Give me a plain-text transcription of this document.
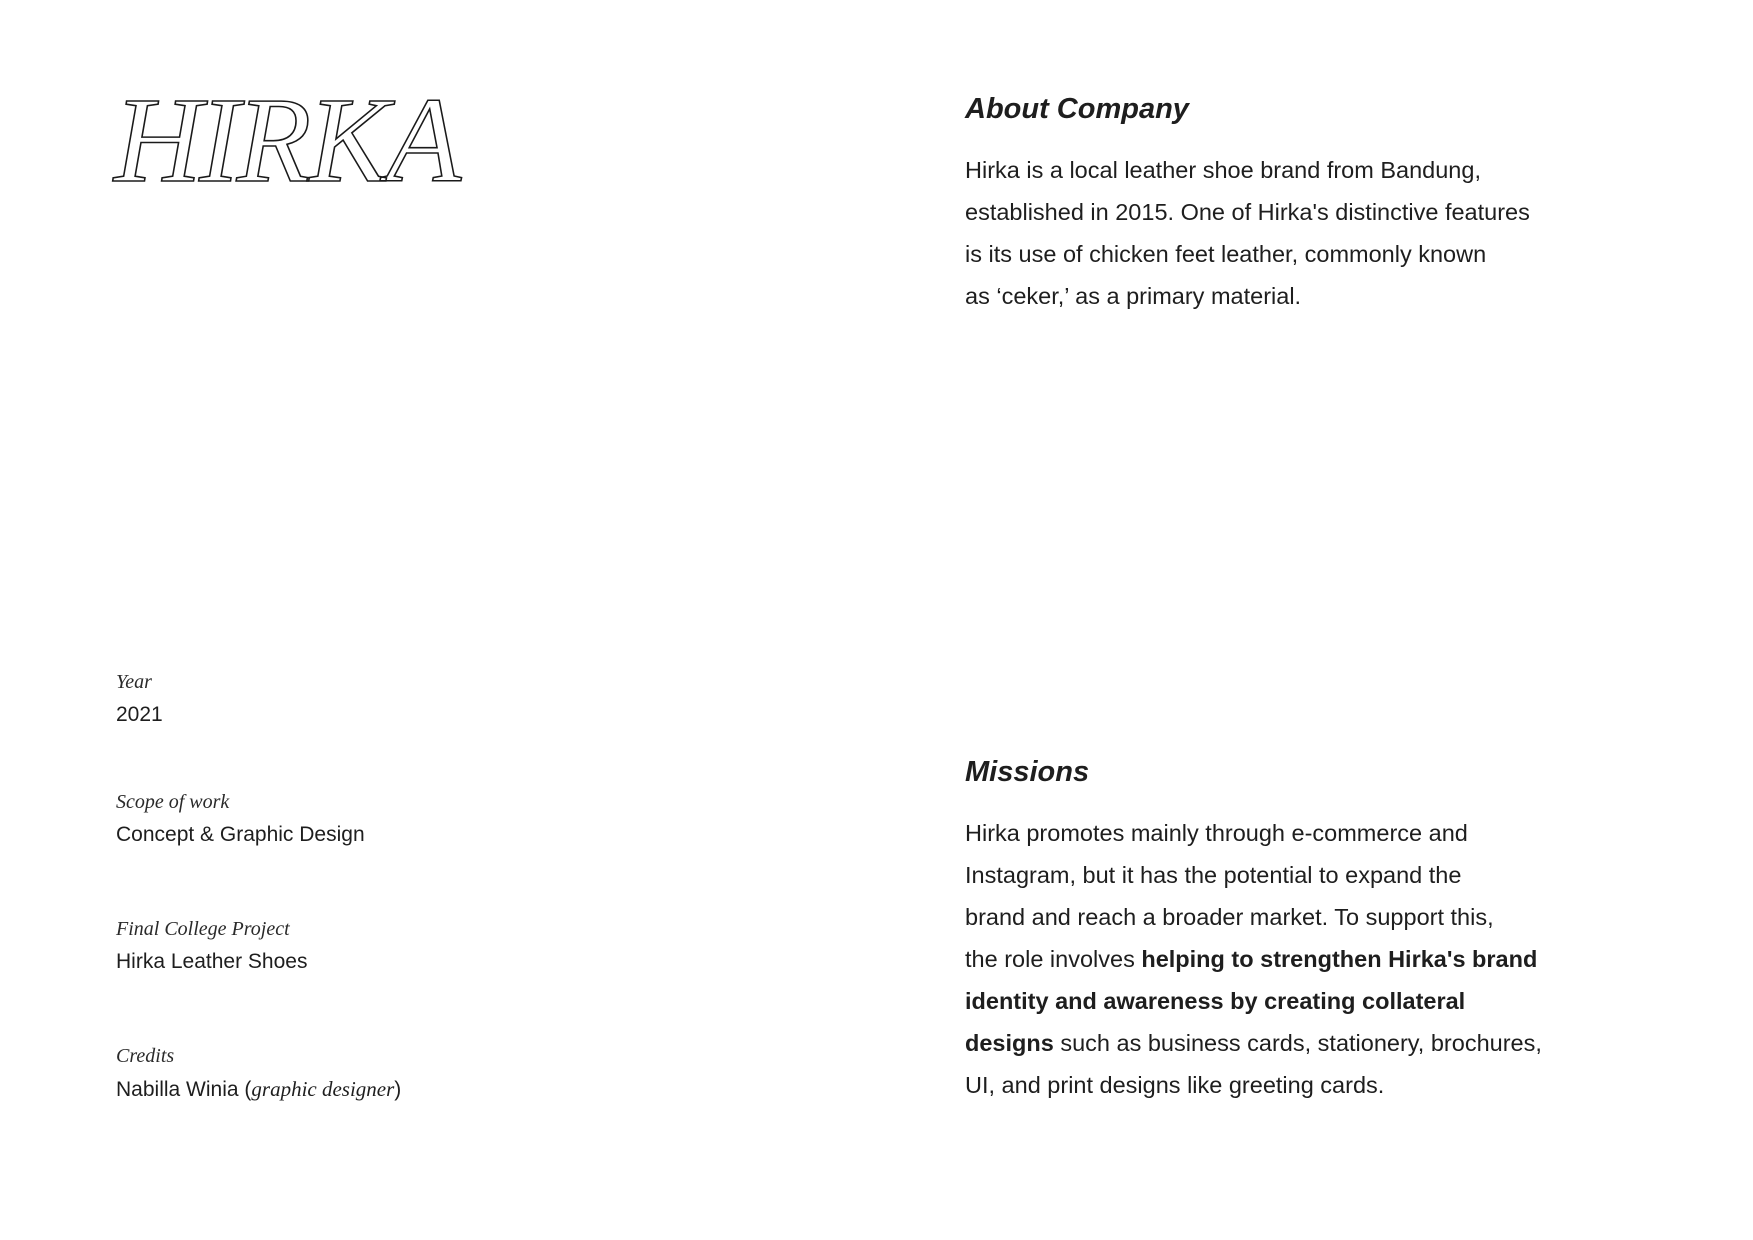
HIRKA
Year
2021
Scope of work
Concept & Graphic Design
Final College Project
Hirka Leather Shoes
Credits
Nabilla Winia (graphic designer)
About Company

Hirka is a local leather shoe brand from Bandung,
established in 2015. One of Hirka's distinctive features
is its use of chicken feet leather, commonly known
as ‘ceker,’ as a primary material.

Missions

Hirka promotes mainly through e-commerce and
Instagram, but it has the potential to expand the
brand and reach a broader market. To support this,
the role involves helping to strengthen Hirka's brand
identity and awareness by creating collateral
designs such as business cards, stationery, brochures,
UI, and print designs like greeting cards.
